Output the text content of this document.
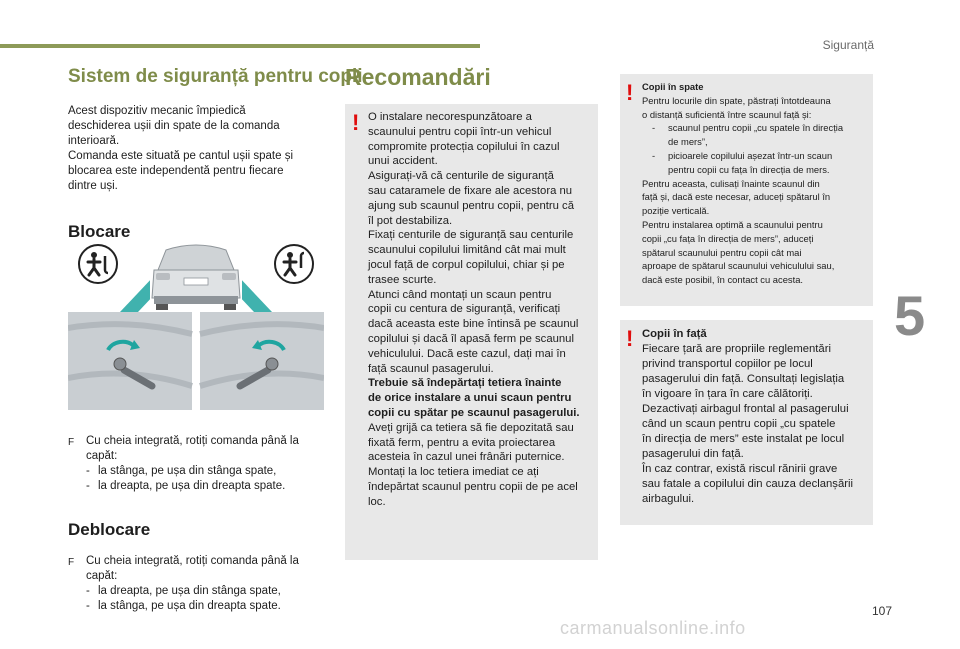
Siguranță
5
107
carmanualsonline.info
Sistem de siguranță pentru copii

Acest dispozitiv mecanic împiedică
deschiderea ușii din spate de la comanda
interioară.
Comanda este situată pe cantul ușii spate și
blocarea este independentă pentru fiecare
dintre uși.

Blocare
F	Cu cheia integrată, rotiți comanda până la
capăt:
- la stânga, pe ușa din stânga spate,
- la dreapta, pe ușa din dreapta spate.
Deblocare
F	Cu cheia integrată, rotiți comanda până la
capăt:
- la dreapta, pe ușa din stânga spate,
- la stânga, pe ușa din dreapta spate.
Recomandări
! O instalare necorespunzătoare a
scaunului pentru copii într-un vehicul
compromite protecția copilului în cazul
unui accident.
Asigurați-vă că centurile de siguranță
sau cataramele de fixare ale acestora nu
ajung sub scaunul pentru copii, pentru că
îl pot destabiliza.
Fixați centurile de siguranță sau centurile
scaunului copilului limitând cât mai mult
jocul față de corpul copilului, chiar și pe
trasee scurte.
Atunci când montați un scaun pentru
copii cu centura de siguranță, verificați
dacă aceasta este bine întinsă pe scaunul
copilului și dacă îl apasă ferm pe scaunul
vehiculului. Dacă este cazul, dați mai în
față scaunul pasagerului.
Trebuie să îndepărtați tetiera înainte
de orice instalare a unui scaun pentru
copii cu spătar pe scaunul pasagerului.
Aveți grijă ca tetiera să fie depozitată sau
fixată ferm, pentru a evita proiectarea
acesteia în cazul unei frânări puternice.
Montați la loc tetiera imediat ce ați
îndepărtat scaunul pentru copii de pe acel
loc.
! Copii în spate
Pentru locurile din spate, păstrați întotdeauna
o distanță suficientă între scaunul față și:
-	scaunul pentru copii „cu spatele în direcția
de mers”,
-	picioarele copilului așezat într-un scaun
pentru copii cu fața în direcția de mers.
Pentru aceasta, culisați înainte scaunul din
față și, dacă este necesar, aduceți spătarul în
poziție verticală.
Pentru instalarea optimă a scaunului pentru
copii „cu fața în direcția de mers”, aduceți
spătarul scaunului pentru copii cât mai
aproape de spătarul scaunului vehiculului sau,
dacă este posibil, în contact cu acesta.
! Copii în față
Fiecare țară are propriile reglementări
privind transportul copiilor pe locul
pasagerului din față. Consultați legislația
în vigoare în țara în care călătoriți.
Dezactivați airbagul frontal al pasagerului
când un scaun pentru copii „cu spatele
în direcția de mers” este instalat pe locul
pasagerului din față.
În caz contrar, există riscul rănirii grave
sau fatale a copilului din cauza declanșării
airbagului.
